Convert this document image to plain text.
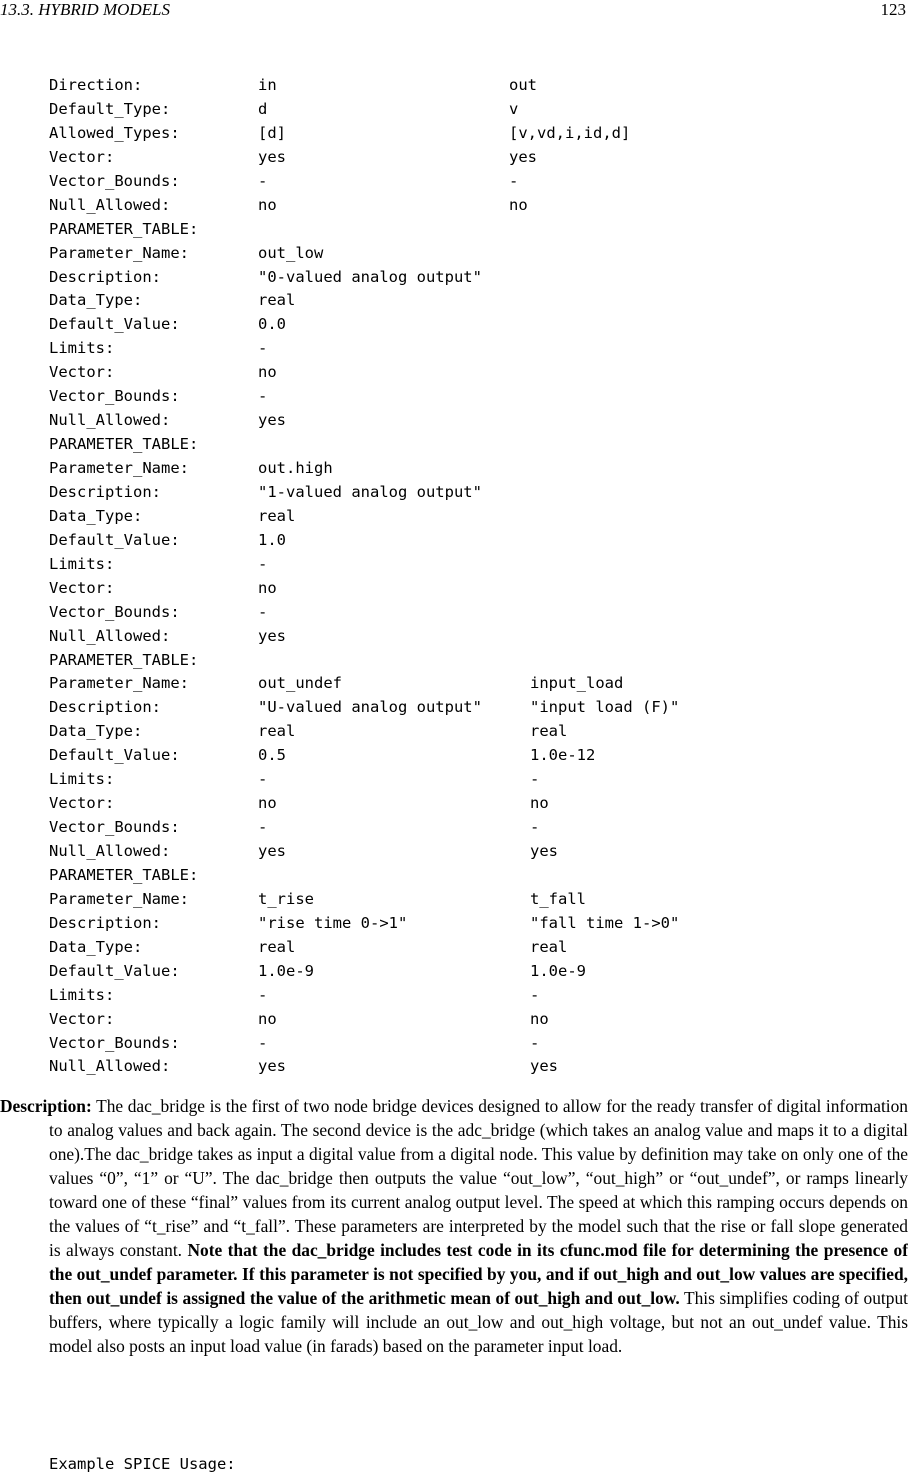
13.3. HYBRID MODELS	123
Direction:	in	out
Default_Type:	d	v
Allowed_Types:	[d]	[v,vd,i,id,d]
Vector:	yes	yes
Vector_Bounds:	-	-
Null_Allowed:	no	no
PARAMETER_TABLE:
Parameter_Name:	out_low
Description:	"0-valued analog output"
Data_Type:	real
Default_Value:	0.0
Limits:	-
Vector:	no
Vector_Bounds:	-
Null_Allowed:	yes
PARAMETER_TABLE:
Parameter_Name:	out.high
Description:	"1-valued analog output"
Data_Type:	real
Default_Value:	1.0
Limits:	-
Vector:	no
Vector_Bounds:	-
Null_Allowed:	yes
PARAMETER_TABLE:
Parameter_Name:	out_undef	input_load
Description:	"U-valued analog output"	"input load (F)"
Data_Type:	real	real
Default_Value:	0.5	1.0e-12
Limits:	-	-
Vector:	no	no
Vector_Bounds:	-	-
Null_Allowed:	yes	yes
PARAMETER_TABLE:
Parameter_Name:	t_rise	t_fall
Description:	"rise time 0->1"	"fall time 1->0"
Data_Type:	real	real
Default_Value:	1.0e-9	1.0e-9
Limits:	-	-
Vector:	no	no
Vector_Bounds:	-	-
Null_Allowed:	yes	yes

Description: The dac_bridge is the first of two node bridge devices designed to allow for the ready transfer of digital information to analog values and back again. The second device is the adc_bridge (which takes an analog value and maps it to a digital one).The dac_bridge takes as input a digital value from a digital node. This value by definition may take on only one of the values “0”, “1” or “U”. The dac_bridge then outputs the value “out_low”, “out_high” or “out_undef”, or ramps linearly toward one of these “final” values from its current analog output level. The speed at which this ramping occurs depends on the values of “t_rise” and “t_fall”. These parameters are interpreted by the model such that the rise or fall slope generated is always constant. Note that the dac_bridge includes test code in its cfunc.mod file for determining the presence of the out_undef parameter. If this parameter is not specified by you, and if out_high and out_low values are specified, then out_undef is assigned the value of the arithmetic mean of out_high and out_low. This simplifies coding of output buffers, where typically a logic family will include an out_low and out_high voltage, but not an out_undef value. This model also posts an input load value (in farads) based on the parameter input load.

Example SPICE Usage:
